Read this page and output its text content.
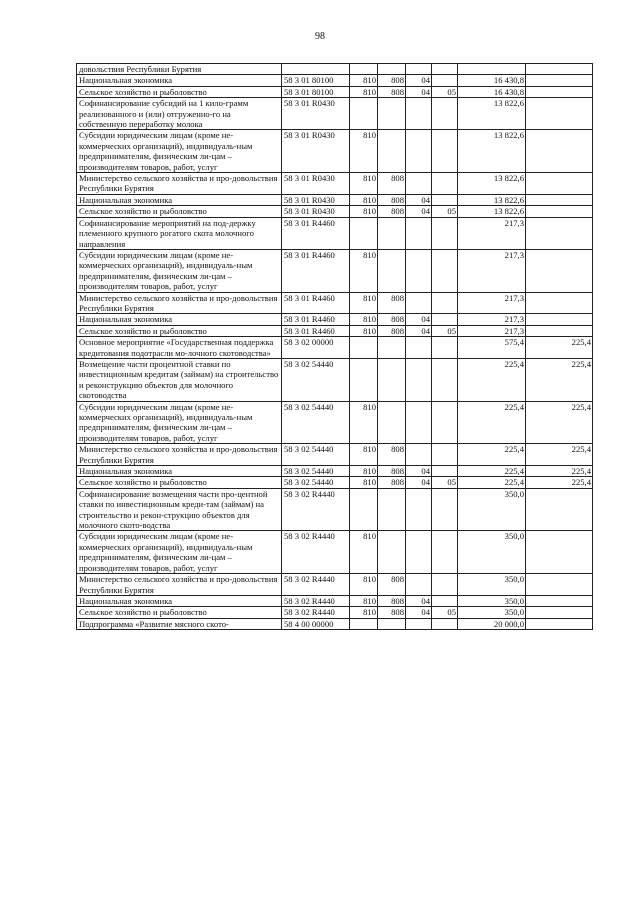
98
довольствия Республики Бурятия							
Национальная экономика	58 3 01 80100	810	808	04		16 430,8	
Сельское хозяйство и рыболовство	58 3 01 80100	810	808	04	05	16 430,8	
Софинансирование субсидий на 1 кило-грамм реализованного и (или) отгруженно-го на собственную переработку молока	58 3 01 R0430					13 822,6	
Субсидии юридическим лицам (кроме не-коммерческих организаций), индивидуаль-ным предпринимателям, физическим ли-цам – производителям товаров, работ, услуг	58 3 01 R0430	810				13 822,6	
Министерство сельского хозяйства и про-довольствия Республики Бурятия	58 3 01 R0430	810	808			13 822,6	
Национальная экономика	58 3 01 R0430	810	808	04		13 822,6	
Сельское хозяйство и рыболовство	58 3 01 R0430	810	808	04	05	13 822,6	
Софинансирование мероприятий на под-держку племенного крупного рогатого скота молочного направления	58 3 01 R4460					217,3	
Субсидии юридическим лицам (кроме не-коммерческих организаций), индивидуаль-ным предпринимателям, физическим ли-цам – производителям товаров, работ, услуг	58 3 01 R4460	810				217,3	
Министерство сельского хозяйства и про-довольствия Республики Бурятия	58 3 01 R4460	810	808			217,3	
Национальная экономика	58 3 01 R4460	810	808	04		217,3	
Сельское хозяйство и рыболовство	58 3 01 R4460	810	808	04	05	217,3	
Основное мероприятие «Государственная поддержка кредитования подотрасли мо-лочного скотоводства»	58 3 02 00000					575,4	225,4
Возмещение части процентной ставки по инвестиционным кредитам (займам) на строительство и реконструкцию объектов для молочного скотоводства	58 3 02 54440					225,4	225,4
Субсидии юридическим лицам (кроме не-коммерческих организаций), индивидуаль-ным предпринимателям, физическим ли-цам – производителям товаров, работ, услуг	58 3 02 54440	810				225,4	225,4
Министерство сельского хозяйства и про-довольствия Республики Бурятия	58 3 02 54440	810	808			225,4	225,4
Национальная экономика	58 3 02 54440	810	808	04		225,4	225,4
Сельское хозяйство и рыболовство	58 3 02 54440	810	808	04	05	225,4	225,4
Софинансирование возмещения части про-центной ставки по инвестиционным креди-там (займам) на строительство и рекон-струкцию объектов для молочного ското-водства	58 3 02 R4440					350,0	
Субсидии юридическим лицам (кроме не-коммерческих организаций), индивидуаль-ным предпринимателям, физическим ли-цам – производителям товаров, работ, услуг	58 3 02 R4440	810				350,0	
Министерство сельского хозяйства и про-довольствия Республики Бурятия	58 3 02 R4440	810	808			350,0	
Национальная экономика	58 3 02 R4440	810	808	04		350,0	
Сельское хозяйство и рыболовство	58 3 02 R4440	810	808	04	05	350,0	
Подпрограмма «Развитие мясного ското-	58 4 00 00000					20 000,0	
